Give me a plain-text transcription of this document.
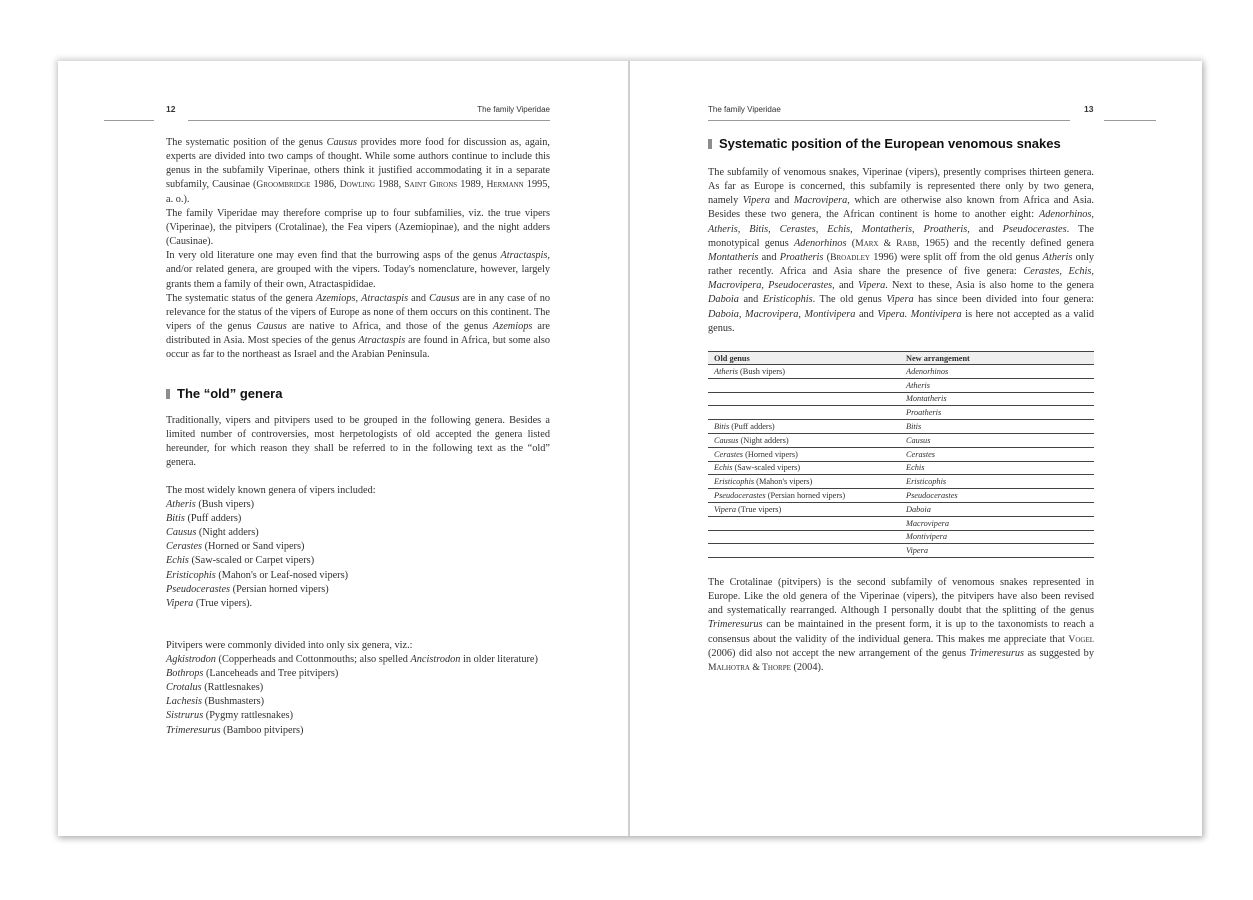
12	The family Viperidae

The systematic position of the genus Causus provides more food for discussion as, again, experts are divided into two camps of thought. While some authors continue to include this genus in the subfamily Viperinae, others think it justified accommodating it in a separate subfamily, Causinae (Groombridge 1986, Dowling 1988, Saint Girons 1989, Hermann 1995, a. o.).

The family Viperidae may therefore comprise up to four subfamilies, viz. the true vipers (Viperinae), the pitvipers (Crotalinae), the Fea vipers (Azemiopinae), and the night adders (Causinae).

In very old literature one may even find that the burrowing asps of the genus Atractaspis, and/or related genera, are grouped with the vipers. Today's nomenclature, however, largely grants them a family of their own, Atractaspididae.

The systematic status of the genera Azemiops, Atractaspis and Causus are in any case of no relevance for the status of the vipers of Europe as none of them occurs on this continent. The vipers of the genus Causus are native to Africa, and those of the genus Azemiops are distributed in Asia. Most species of the genus Atractaspis are found in Africa, but some also occur as far to the northeast as Israel and the Arabian Peninsula.

The “old” genera

Traditionally, vipers and pitvipers used to be grouped in the following genera. Besides a limited number of controversies, most herpetologists of old accepted the genera listed hereunder, for which reason they shall be referred to in the following text as the “old” genera.

The most widely known genera of vipers included:
Atheris (Bush vipers)
Bitis (Puff adders)
Causus (Night adders)
Cerastes (Horned or Sand vipers)
Echis (Saw-scaled or Carpet vipers)
Eristicophis (Mahon's or Leaf-nosed vipers)
Pseudocerastes (Persian horned vipers)
Vipera (True vipers).

Pitvipers were commonly divided into only six genera, viz.:

Agkistrodon (Copperheads and Cottonmouths; also spelled Ancistrodon in older literature)

Bothrops (Lanceheads and Tree pitvipers)

Crotalus (Rattlesnakes)

Lachesis (Bushmasters)

Sistrurus (Pygmy rattlesnakes)

Trimeresurus (Bamboo pitvipers)

The family Viperidae	13
Systematic position of the European venomous snakes
The subfamily of venomous snakes, Viperinae (vipers), presently comprises thirteen genera. As far as Europe is concerned, this subfamily is represented there only by two genera, namely Vipera and Macrovipera, which are otherwise also known from Africa and Asia. Besides these two genera, the African continent is home to another eight: Adenorhinos, Atheris, Bitis, Cerastes, Echis, Montatheris, Proatheris, and Pseudocerastes. The monotypical genus Adenorhinos (Marx & Rabb, 1965) and the recently defined genera Montatheris and Proatheris (Broadley 1996) were split off from the old genus Atheris only rather recently. Africa and Asia share the presence of five genera: Cerastes, Echis, Macrovipera, Pseudocerastes, and Vipera. Next to these, Asia is also home to the genera Daboia and Eristicophis. The old genus Vipera has since been divided into four genera: Daboia, Macrovipera, Montivipera and Vipera. Montivipera is here not accepted as a valid genus.
Old genus	New arrangement
Atheris (Bush vipers)	Adenorhinos
	Atheris
	Montatheris
	Proatheris
Bitis (Puff adders)	Bitis
Causus (Night adders)	Causus
Cerastes (Horned vipers)	Cerastes
Echis (Saw-scaled vipers)	Echis
Eristicophis (Mahon's vipers)	Eristicophis
Pseudocerastes (Persian horned vipers)	Pseudocerastes
Vipera (True vipers)	Daboia
	Macrovipera
	Montivipera
	Vipera
The Crotalinae (pitvipers) is the second subfamily of venomous snakes represented in Europe. Like the old genera of the Viperinae (vipers), the pitvipers have also been revised and systematically rearranged. Although I personally doubt that the splitting of the genus Trimeresurus can be maintained in the present form, it is up to the taxonomists to reach a consensus about the validity of the individual genera. This makes me appreciate that Vogel (2006) did also not accept the new arrangement of the genus Trimeresurus as suggested by Malhotra & Thorpe (2004).
